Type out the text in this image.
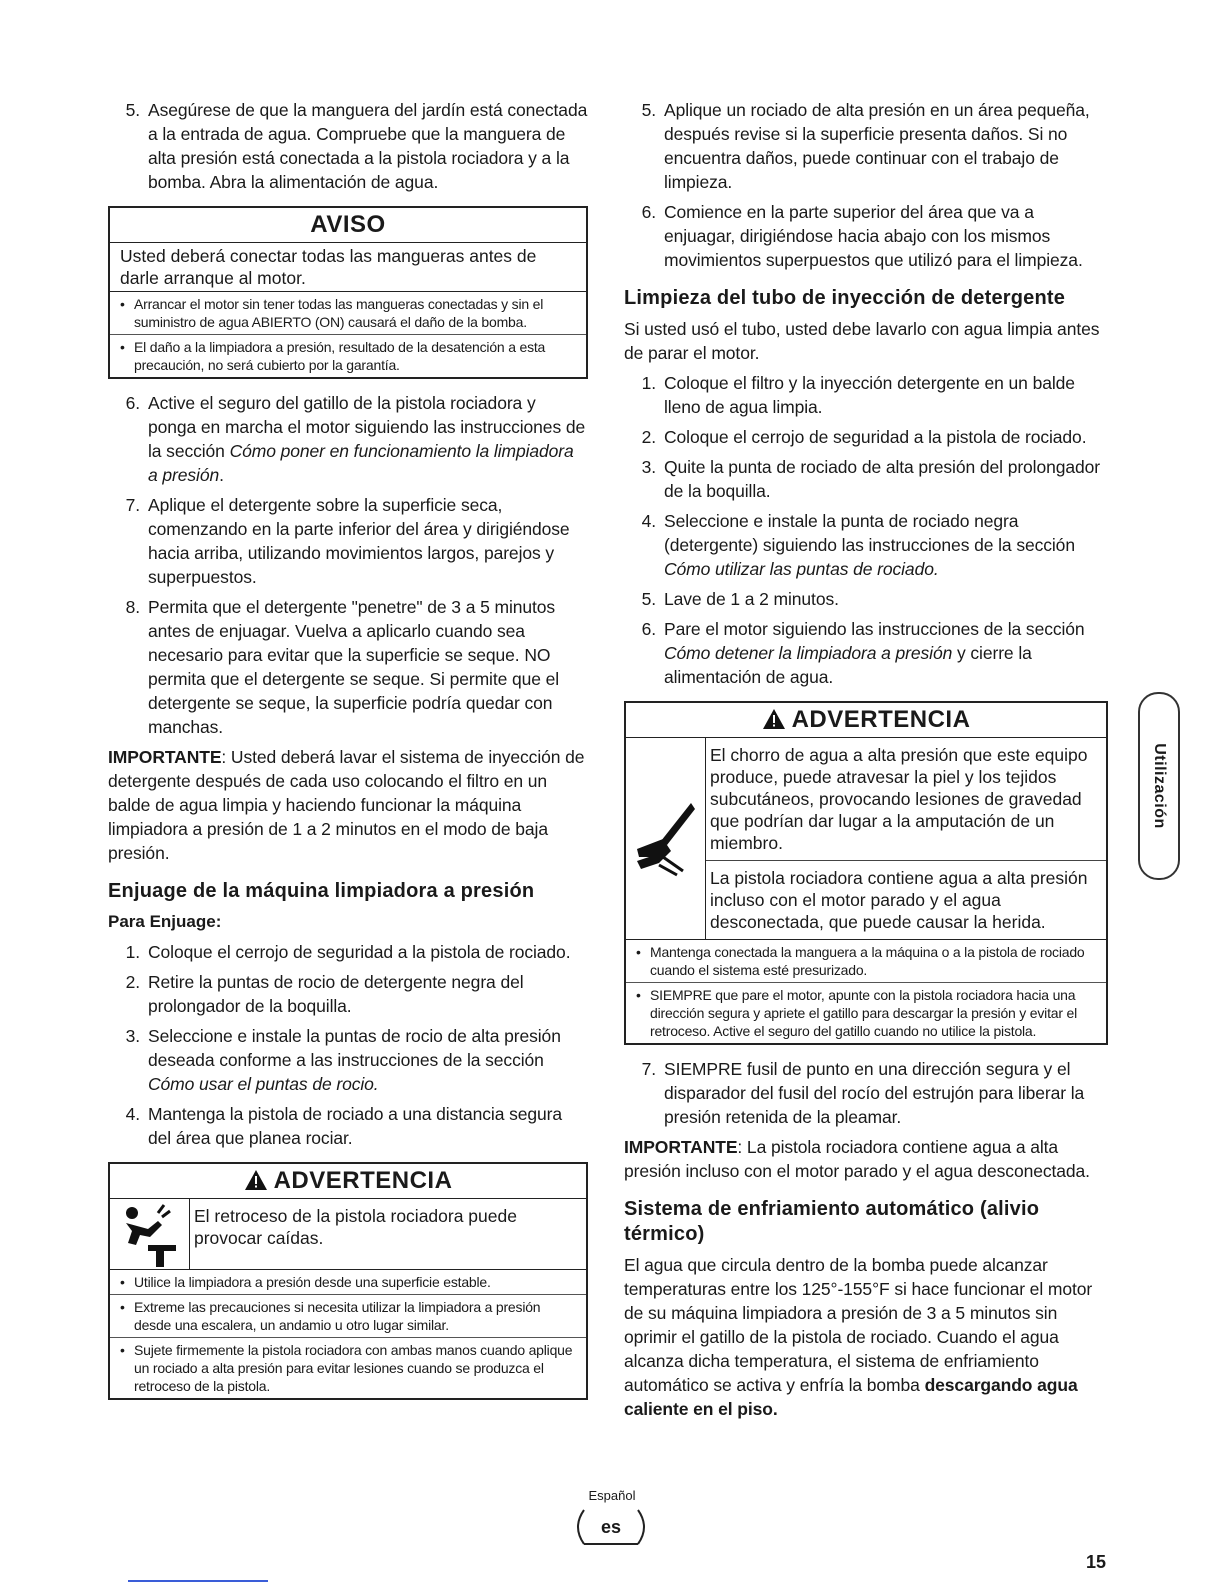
5. Asegúrese de que la manguera del jardín está conectada a la entrada de agua. Compruebe que la manguera de alta presión está conectada a la pistola rociadora y a la bomba. Abra la alimentación de agua.
AVISO
Usted deberá conectar todas las mangueras antes de darle arranque al motor.
• Arrancar el motor sin tener todas las mangueras conectadas y sin el suministro de agua ABIERTO (ON) causará el daño de la bomba.
• El daño a la limpiadora a presión, resultado de la desatención a esta precaución, no será cubierto por la garantía.
6. Active el seguro del gatillo de la pistola rociadora y ponga en marcha el motor siguiendo las instrucciones de la sección Cómo poner en funcionamiento la limpiadora a presión.
7. Aplique el detergente sobre la superficie seca, comenzando en la parte inferior del área y dirigiéndose hacia arriba, utilizando movimientos largos, parejos y superpuestos.
8. Permita que el detergente "penetre" de 3 a 5 minutos antes de enjuagar. Vuelva a aplicarlo cuando sea necesario para evitar que la superficie se seque. NO permita que el detergente se seque. Si permite que el detergente se seque, la superficie podría quedar con manchas.

IMPORTANTE: Usted deberá lavar el sistema de inyección de detergente después de cada uso colocando el filtro en un balde de agua limpia y haciendo funcionar la máquina limpiadora a presión de 1 a 2 minutos en el modo de baja presión.

Enjuage de la máquina limpiadora a presión
Para Enjuage:
1. Coloque el cerrojo de seguridad a la pistola de rociado.
2. Retire la puntas de rocio de detergente negra del prolongador de la boquilla.
3. Seleccione e instale la puntas de rocio de alta presión deseada conforme a las instrucciones de la sección Cómo usar el puntas de rocio.
4. Mantenga la pistola de rociado a una distancia segura del área que planea rociar.
ADVERTENCIA
El retroceso de la pistola rociadora puede provocar caídas.
• Utilice la limpiadora a presión desde una superficie estable.
• Extreme las precauciones si necesita utilizar la limpiadora a presión desde una escalera, un andamio u otro lugar similar.
• Sujete firmemente la pistola rociadora con ambas manos cuando aplique un rociado a alta presión para evitar lesiones cuando se produzca el retroceso de la pistola.
5. Aplique un rociado de alta presión en un área pequeña, después revise si la superficie presenta daños. Si no encuentra daños, puede continuar con el trabajo de limpieza.
6. Comience en la parte superior del área que va a enjuagar, dirigiéndose hacia abajo con los mismos movimientos superpuestos que utilizó para el limpieza.
Limpieza del tubo de inyección de detergente

Si usted usó el tubo, usted debe lavarlo con agua limpia antes de parar el motor.

1. Coloque el filtro y la inyección detergente en un balde lleno de agua limpia.
2. Coloque el cerrojo de seguridad a la pistola de rociado.
3. Quite la punta de rociado de alta presión del prolongador de la boquilla.
4. Seleccione e instale la punta de rociado negra (detergente) siguiendo las instrucciones de la sección Cómo utilizar las puntas de rociado.
5. Lave de 1 a 2 minutos.
6. Pare el motor siguiendo las instrucciones de la sección Cómo detener la limpiadora a presión y cierre la alimentación de agua.
ADVERTENCIA
El chorro de agua a alta presión que este equipo produce, puede atravesar la piel y los tejidos subcutáneos, provocando lesiones de gravedad que podrían dar lugar a la amputación de un miembro.
La pistola rociadora contiene agua a alta presión incluso con el motor parado y el agua desconectada, que puede causar la herida.
• Mantenga conectada la manguera a la máquina o a la pistola de rociado cuando el sistema esté presurizado.
• SIEMPRE que pare el motor, apunte con la pistola rociadora hacia una dirección segura y apriete el gatillo para descargar la presión y evitar el retroceso. Active el seguro del gatillo cuando no utilice la pistola.
7. SIEMPRE fusil de punto en una dirección segura y el disparador del fusil del rocío del estrujón para liberar la presión retenida de la pleamar.

IMPORTANTE: La pistola rociadora contiene agua a alta presión incluso con el motor parado y el agua desconectada.

Sistema de enfriamiento automático (alivio térmico)

El agua que circula dentro de la bomba puede alcanzar temperaturas entre los 125°-155°F si hace funcionar el motor de su máquina limpiadora a presión de 3 a 5 minutos sin oprimir el gatillo de la pistola de rociado. Cuando el agua alcanza dicha temperatura, el sistema de enfriamiento automático se activa y enfría la bomba descargando agua caliente en el piso.

Utilización
Español
es
15
